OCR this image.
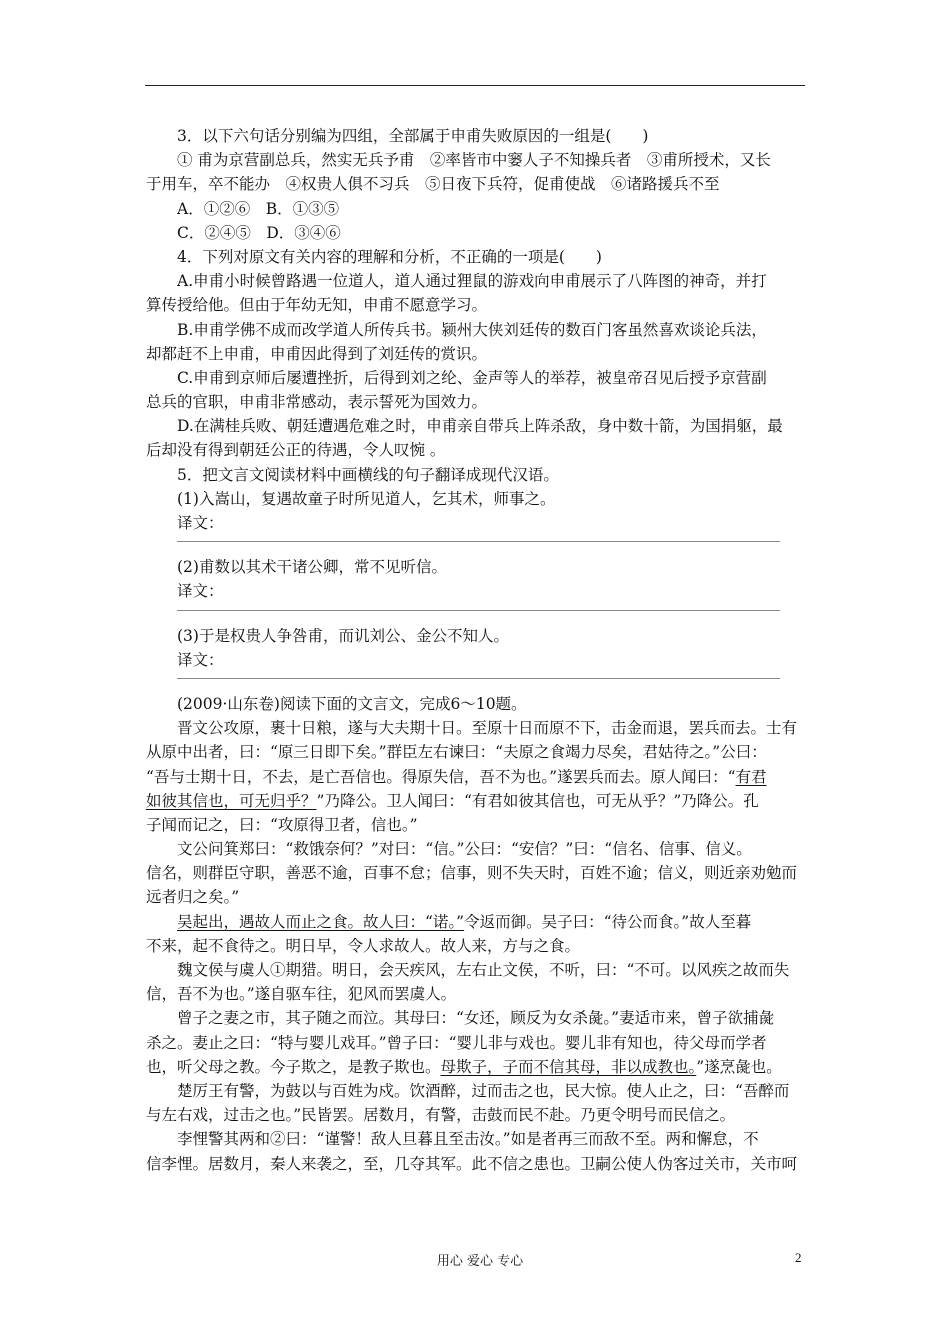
3．以下六句话分别编为四组，全部属于申甫失败原因的一组是(　　)
① 甫为京营副总兵，然实无兵予甫　②率皆市中窭人子不知操兵者　③甫所授术，又长
于用车，卒不能办　④权贵人俱不习兵　⑤日夜下兵符，促甫使战　⑥诸路援兵不至
A．①②⑥　B．①③⑤
C．②④⑤　D．③④⑥
4．下列对原文有关内容的理解和分析，不正确的一项是(　　)
A.申甫小时候曾路遇一位道人，道人通过狸鼠的游戏向申甫展示了八阵图的神奇，并打
算传授给他。但由于年幼无知，申甫不愿意学习。
B.申甫学佛不成而改学道人所传兵书。颍州大侠刘廷传的数百门客虽然喜欢谈论兵法，
却都赶不上申甫，申甫因此得到了刘廷传的赏识。
C.申甫到京师后屡遭挫折，后得到刘之纶、金声等人的举荐，被皇帝召见后授予京营副
总兵的官职，申甫非常感动，表示誓死为国效力。
D.在满桂兵败、朝廷遭遇危难之时，申甫亲自带兵上阵杀敌，身中数十箭，为国捐躯，最
后却没有得到朝廷公正的待遇，令人叹惋 。
5．把文言文阅读材料中画横线的句子翻译成现代汉语。
(1)入嵩山，复遇故童子时所见道人，乞其术，师事之。
译文：
(2)甫数以其术干诸公卿，常不见听信。
译文：
(3)于是权贵人争咎甫，而讥刘公、金公不知人。
译文：
(2009·山东卷)阅读下面的文言文，完成6～10题。
晋文公攻原，裹十日粮，遂与大夫期十日。至原十日而原不下，击金而退，罢兵而去。士有
从原中出者，曰：“原三日即下矣。”群臣左右谏曰：“夫原之食竭力尽矣，君姑待之。”公曰：
“吾与士期十日，不去，是亡吾信也。得原失信，吾不为也。”遂罢兵而去。原人闻曰：“有君
如彼其信也，可无归乎？”乃降公。卫人闻曰：“有君如彼其信也，可无从乎？”乃降公。孔
子闻而记之，曰：“攻原得卫者，信也。”
文公问箕郑曰：“救饿奈何？”对曰：“信。”公曰：“安信？”曰：“信名、信事、信义。
信名，则群臣守职，善恶不逾，百事不怠；信事，则不失天时，百姓不逾；信义，则近亲劝勉而
远者归之矣。”
吴起出，遇故人而止之食。故人曰：“诺。”令返而御。吴子曰：“待公而食。”故人至暮
不来，起不食待之。明日早，令人求故人。故人来，方与之食。
魏文侯与虞人①期猎。明日，会天疾风，左右止文侯，不听，曰：“不可。以风疾之故而失
信，吾不为也。”遂自驱车往，犯风而罢虞人。
曾子之妻之市，其子随之而泣。其母曰：“女还，顾反为女杀彘。”妻适市来，曾子欲捕彘
杀之。妻止之曰：“特与婴儿戏耳。”曾子曰：“婴儿非与戏也。婴儿非有知也，待父母而学者
也，听父母之教。今子欺之，是教子欺也。母欺子，子而不信其母，非以成教也。”遂烹彘也。
楚厉王有警，为鼓以与百姓为戍。饮酒醉，过而击之也，民大惊。使人止之，曰：“吾醉而
与左右戏，过击之也。”民皆罢。居数月，有警，击鼓而民不赴。乃更令明号而民信之。
李悝警其两和②曰：“谨警！敌人旦暮且至击汝。”如是者再三而敌不至。两和懈怠，不
信李悝。居数月，秦人来袭之，至，几夺其军。此不信之患也。卫嗣公使人伪客过关市，关市呵
用心 爱心 专心	2
